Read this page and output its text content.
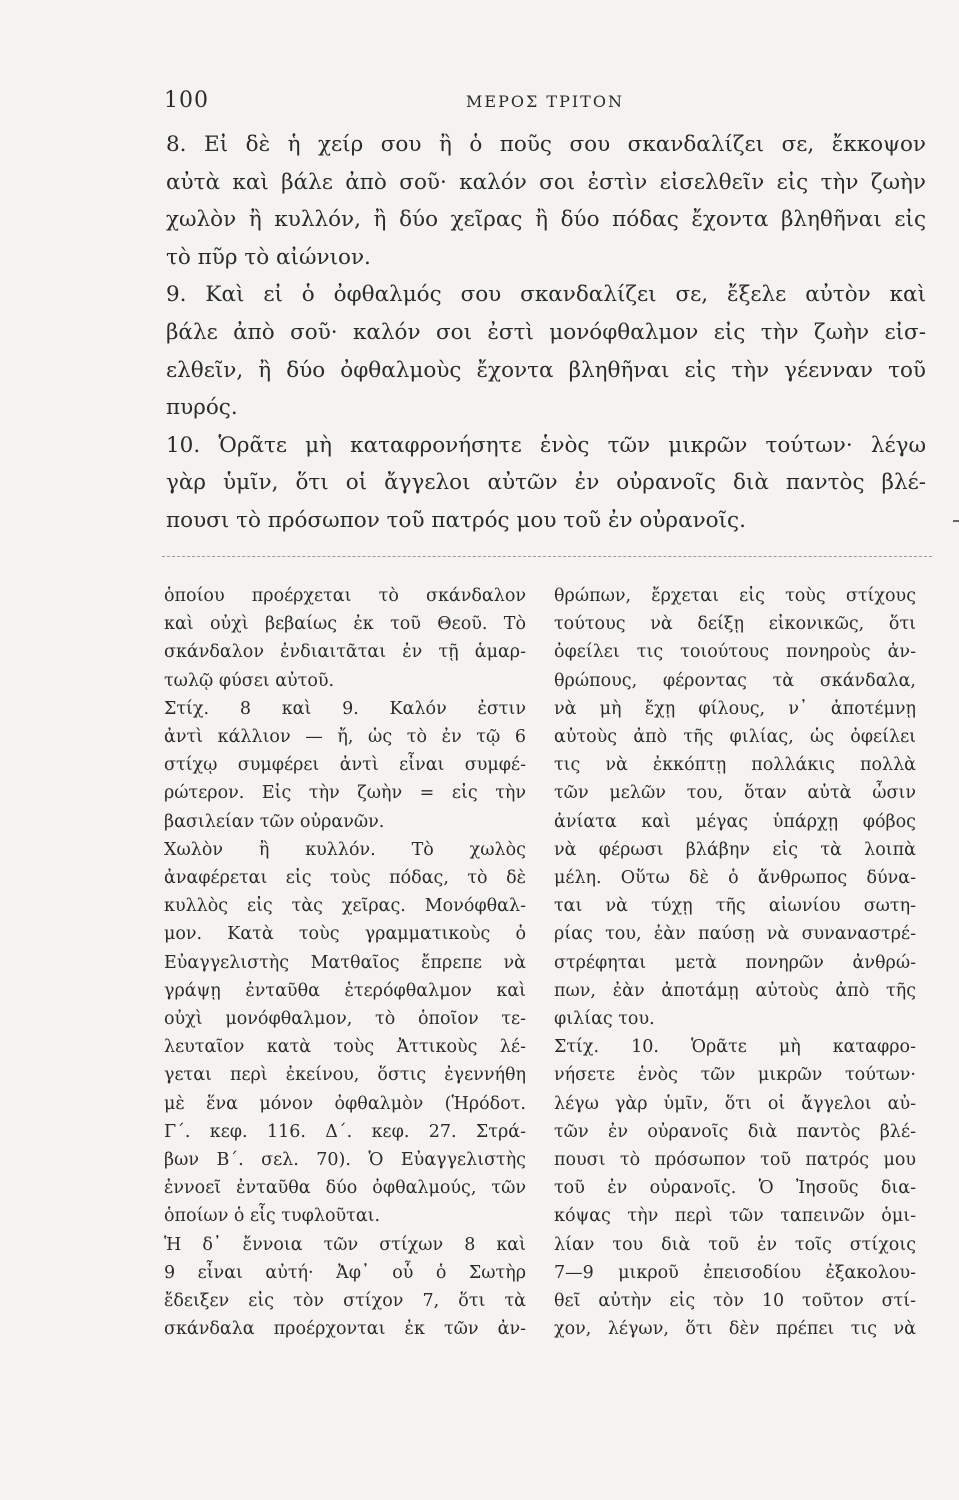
100	ΜΕΡΟΣ ΤΡΙΤΟΝ
8. Εἰ δὲ ἡ χείρ σου ἢ ὁ ποῦς σου σκανδαλίζει σε, ἔκκοψον
αὐτὰ καὶ βάλε ἀπὸ σοῦ· καλόν σοι ἐστὶν εἰσελθεῖν εἰς τὴν ζωὴν
χωλὸν ἢ κυλλόν, ἢ δύο χεῖρας ἢ δύο πόδας ἔχοντα βληθῆναι εἰς
τὸ πῦρ τὸ αἰώνιον.
9. Καὶ εἰ ὁ ὀφθαλμός σου σκανδαλίζει σε, ἔξελε αὐτὸν καὶ
βάλε ἀπὸ σοῦ· καλόν σοι ἐστὶ μονόφθαλμον εἰς τὴν ζωὴν εἰσ-
ελθεῖν, ἢ δύο ὀφθαλμοὺς ἔχοντα βληθῆναι εἰς τὴν γέενναν τοῦ
πυρός.
10. Ὁρᾶτε μὴ καταφρονήσητε ἑνὸς τῶν μικρῶν τούτων· λέγω
γὰρ ὑμῖν, ὅτι οἱ ἄγγελοι αὐτῶν ἐν οὐρανοῖς διὰ παντὸς βλέ-
πουσι τὸ πρόσωπον τοῦ πατρός μου τοῦ ἐν οὐρανοῖς.
ὁποίου προέρχεται τὸ σκάνδαλον
καὶ οὐχὶ βεβαίως ἐκ τοῦ Θεοῦ. Τὸ
σκάνδαλον ἐνδιαιτᾶται ἐν τῇ ἁμαρ-
τωλῷ φύσει αὐτοῦ.
Στίχ. 8 καὶ 9. Καλόν ἐστιν
ἀντὶ κάλλιον — ἤ, ὡς τὸ ἐν τῷ 6
στίχῳ συμφέρει ἀντὶ εἶναι συμφέ-
ρώτερον. Εἰς τὴν ζωὴν = εἰς τὴν
βασιλείαν τῶν οὐρανῶν.
Χωλὸν ἢ κυλλόν. Τὸ χωλὸς
ἀναφέρεται εἰς τοὺς πόδας, τὸ δὲ
κυλλὸς εἰς τὰς χεῖρας. Μονόφθαλ-
μον. Κατὰ τοὺς γραμματικοὺς ὁ
Εὐαγγελιστὴς Ματθαῖος ἔπρεπε νὰ
γράψῃ ἐνταῦθα ἑτερόφθαλμον καὶ
οὐχὶ μονόφθαλμον, τὸ ὁποῖον τε-
λευταῖον κατὰ τοὺς Ἀττικοὺς λέ-
γεται περὶ ἐκείνου, ὅστις ἐγεννήθη
μὲ ἕνα μόνον ὀφθαλμὸν (Ἡρόδοτ.
Γ΄. κεφ. 116. Δ΄. κεφ. 27. Στρά-
βων Β΄. σελ. 70). Ὁ Εὐαγγελιστὴς
ἐννοεῖ ἐνταῦθα δύο ὀφθαλμούς, τῶν
ὁποίων ὁ εἷς τυφλοῦται.
Ἡ δ᾽ ἔννοια τῶν στίχων 8 καὶ
9 εἶναι αὐτή· Ἀφ᾽ οὗ ὁ Σωτὴρ
ἔδειξεν εἰς τὸν στίχον 7, ὅτι τὰ
σκάνδαλα προέρχονται ἐκ τῶν ἀν-
θρώπων, ἔρχεται εἰς τοὺς στίχους
τούτους νὰ δείξῃ εἰκονικῶς, ὅτι
ὀφείλει τις τοιούτους πονηροὺς ἀν-
θρώπους, φέροντας τὰ σκάνδαλα,
νὰ μὴ ἔχῃ φίλους, ν᾽ ἀποτέμνῃ
αὐτοὺς ἀπὸ τῆς φιλίας, ὡς ὀφείλει
τις νὰ ἐκκόπτῃ πολλάκις πολλὰ
τῶν μελῶν του, ὅταν αὐτὰ ὦσιν
ἀνίατα καὶ μέγας ὑπάρχῃ φόβος
νὰ φέρωσι βλάβην εἰς τὰ λοιπὰ
μέλη. Οὕτω δὲ ὁ ἄνθρωπος δύνα-
ται νὰ τύχῃ τῆς αἰωνίου σωτη-
ρίας του, ἐὰν παύσῃ νὰ συναναστρέ-
στρέφηται μετὰ πονηρῶν ἀνθρώ-
πων, ἐὰν ἀποτάμῃ αὐτοὺς ἀπὸ τῆς
φιλίας του.
Στίχ. 10. Ὁρᾶτε μὴ καταφρο-
νήσετε ἑνὸς τῶν μικρῶν τούτων·
λέγω γὰρ ὑμῖν, ὅτι οἱ ἄγγελοι αὐ-
τῶν ἐν οὐρανοῖς διὰ παντὸς βλέ-
πουσι τὸ πρόσωπον τοῦ πατρός μου
τοῦ ἐν οὐρανοῖς. Ὁ Ἰησοῦς δια-
κόψας τὴν περὶ τῶν ταπεινῶν ὁμι-
λίαν του διὰ τοῦ ἐν τοῖς στίχοις
7—9 μικροῦ ἐπεισοδίου ἐξακολου-
θεῖ αὐτὴν εἰς τὸν 10 τοῦτον στί-
χον, λέγων, ὅτι δὲν πρέπει τις νὰ
